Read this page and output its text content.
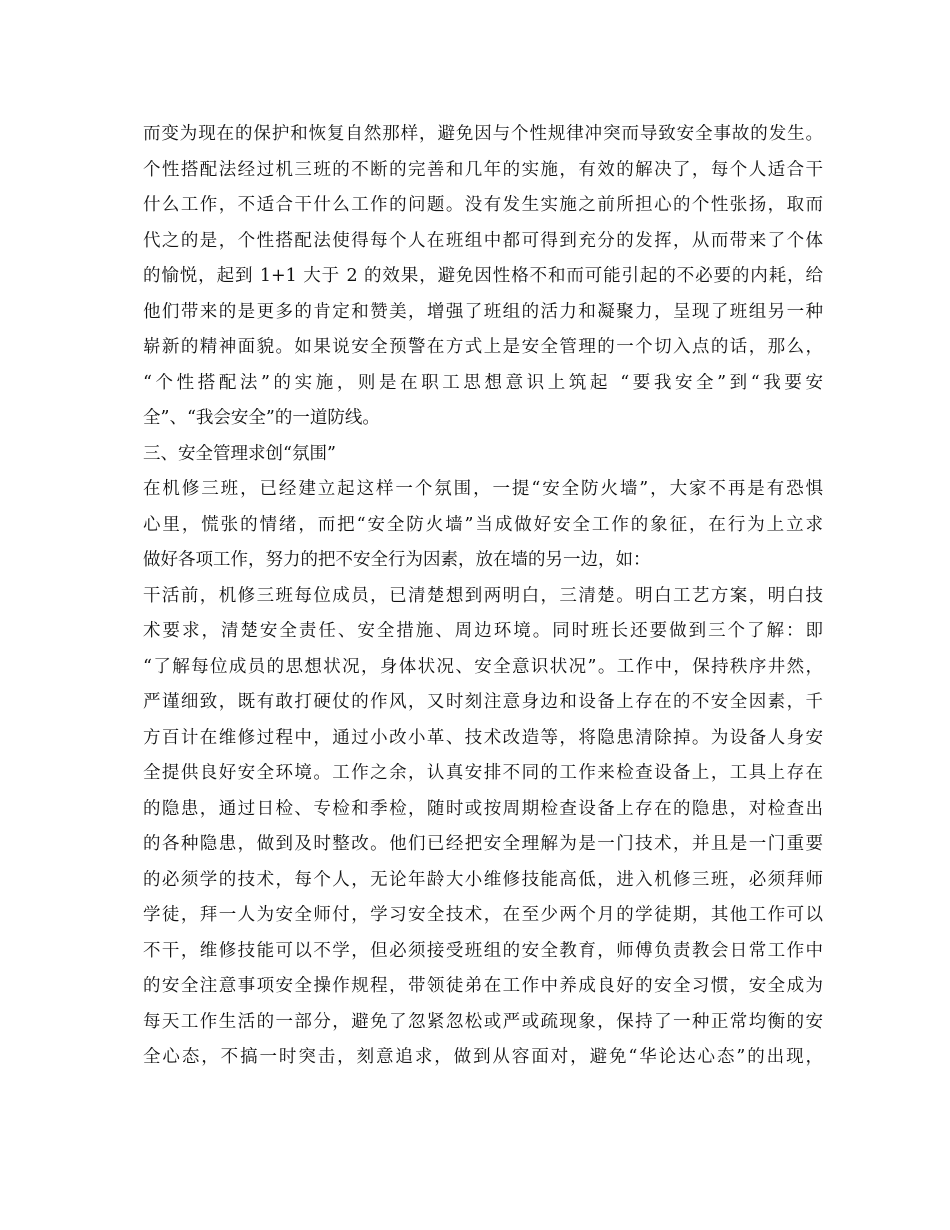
而变为现在的保护和恢复自然那样，避免因与个性规律冲突而导致安全事故的发生。

个性搭配法经过机三班的不断的完善和几年的实施，有效的解决了，每个人适合干

什么工作，不适合干什么工作的问题。没有发生实施之前所担心的个性张扬，取而

代之的是，个性搭配法使得每个人在班组中都可得到充分的发挥，从而带来了个体

的愉悦，起到 1+1 大于 2 的效果，避免因性格不和而可能引起的不必要的内耗，给

他们带来的是更多的肯定和赞美，增强了班组的活力和凝聚力，呈现了班组另一种

崭新的精神面貌。如果说安全预警在方式上是安全管理的一个切入点的话，那么，

“个性搭配法”的实施，则是在职工思想意识上筑起 “要我安全”到“我要安

全”、“我会安全”的一道防线。

三、安全管理求创“氛围”

在机修三班，已经建立起这样一个氛围，一提“安全防火墙”，大家不再是有恐惧

心里，慌张的情绪，而把“安全防火墙”当成做好安全工作的象征，在行为上立求

做好各项工作，努力的把不安全行为因素，放在墙的另一边，如：

干活前，机修三班每位成员，已清楚想到两明白，三清楚。明白工艺方案，明白技

术要求，清楚安全责任、安全措施、周边环境。同时班长还要做到三个了解：即

“了解每位成员的思想状况，身体状况、安全意识状况”。工作中，保持秩序井然，

严谨细致，既有敢打硬仗的作风，又时刻注意身边和设备上存在的不安全因素，千

方百计在维修过程中，通过小改小革、技术改造等，将隐患清除掉。为设备人身安

全提供良好安全环境。工作之余，认真安排不同的工作来检查设备上，工具上存在

的隐患，通过日检、专检和季检，随时或按周期检查设备上存在的隐患，对检查出

的各种隐患，做到及时整改。他们已经把安全理解为是一门技术，并且是一门重要

的必须学的技术，每个人，无论年龄大小维修技能高低，进入机修三班，必须拜师

学徒，拜一人为安全师付，学习安全技术，在至少两个月的学徒期，其他工作可以

不干，维修技能可以不学，但必须接受班组的安全教育，师傅负责教会日常工作中

的安全注意事项安全操作规程，带领徒弟在工作中养成良好的安全习惯，安全成为

每天工作生活的一部分，避免了忽紧忽松或严或疏现象，保持了一种正常均衡的安

全心态，不搞一时突击，刻意追求，做到从容面对，避免“华论达心态”的出现，
